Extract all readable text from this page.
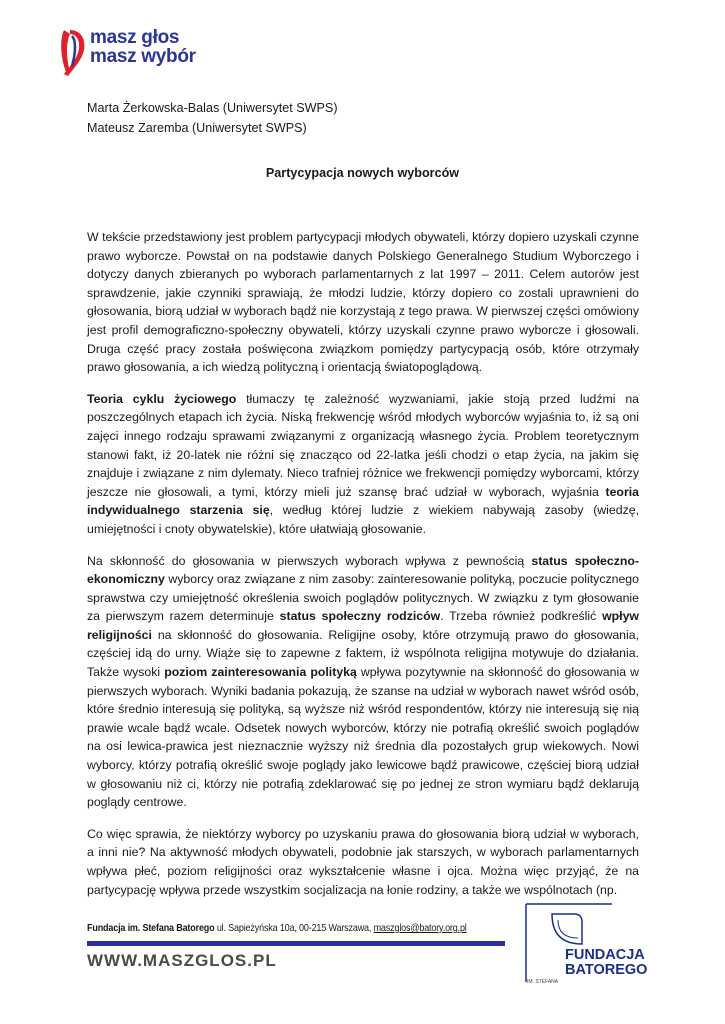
masz głos
masz wybór
Marta Żerkowska-Balas (Uniwersytet SWPS)
Mateusz Zaremba (Uniwersytet SWPS)
Partycypacja nowych wyborców

W tekście przedstawiony jest problem partycypacji młodych obywateli, którzy dopiero uzyskali czynne prawo wyborcze. Powstał on na podstawie danych Polskiego Generalnego Studium Wyborczego i dotyczy danych zbieranych po wyborach parlamentarnych z lat 1997 – 2011. Celem autorów jest sprawdzenie, jakie czynniki sprawiają, że młodzi ludzie, którzy dopiero co zostali uprawnieni do głosowania, biorą udział w wyborach bądź nie korzystają z tego prawa. W pierwszej części omówiony jest profil demograficzno-społeczny obywateli, którzy uzyskali czynne prawo wyborcze i głosowali. Druga część pracy została poświęcona związkom pomiędzy partycypacją osób, które otrzymały prawo głosowania, a ich wiedzą polityczną i orientacją światopoglądową.

Teoria cyklu życiowego tłumaczy tę zależność wyzwaniami, jakie stoją przed ludźmi na poszczególnych etapach ich życia. Niską frekwencję wśród młodych wyborców wyjaśnia to, iż są oni zajęci innego rodzaju sprawami związanymi z organizacją własnego życia. Problem teoretycznym stanowi fakt, iż 20-latek nie różni się znacząco od 22-latka jeśli chodzi o etap życia, na jakim się znajduje i związane z nim dylematy. Nieco trafniej różnice we frekwencji pomiędzy wyborcami, którzy jeszcze nie głosowali, a tymi, którzy mieli już szansę brać udział w wyborach, wyjaśnia teoria indywidualnego starzenia się, według której ludzie z wiekiem nabywają zasoby (wiedzę, umiejętności i cnoty obywatelskie), które ułatwiają głosowanie.

Na skłonność do głosowania w pierwszych wyborach wpływa z pewnością status społeczno-ekonomiczny wyborcy oraz związane z nim zasoby: zainteresowanie polityką, poczucie politycznego sprawstwa czy umiejętność określenia swoich poglądów politycznych. W związku z tym głosowanie za pierwszym razem determinuje status społeczny rodziców. Trzeba również podkreślić wpływ religijności na skłonność do głosowania. Religijne osoby, które otrzymują prawo do głosowania, częściej idą do urny. Wiąże się to zapewne z faktem, iż wspólnota religijna motywuje do działania. Także wysoki poziom zainteresowania polityką wpływa pozytywnie na skłonność do głosowania w pierwszych wyborach. Wyniki badania pokazują, że szanse na udział w wyborach nawet wśród osób, które średnio interesują się polityką, są wyższe niż wśród respondentów, którzy nie interesują się nią prawie wcale bądź wcale. Odsetek nowych wyborców, którzy nie potrafią określić swoich poglądów na osi lewica-prawica jest nieznacznie wyższy niż średnia dla pozostałych grup wiekowych. Nowi wyborcy, którzy potrafią określić swoje poglądy jako lewicowe bądź prawicowe, częściej biorą udział w głosowaniu niż ci, którzy nie potrafią zdeklarować się po jednej ze stron wymiaru bądź deklarują poglądy centrowe.

Co więc sprawia, że niektórzy wyborcy po uzyskaniu prawa do głosowania biorą udział w wyborach, a inni nie? Na aktywność młodych obywateli, podobnie jak starszych, w wyborach parlamentarnych wpływa płeć, poziom religijności oraz wykształcenie własne i ojca. Można więc przyjąć, że na partycypację wpływa przede wszystkim socjalizacja na łonie rodziny, a także we wspólnotach (np.

Fundacja im. Stefana Batorego ul. Sapieżyńska 10a, 00-215 Warszawa, maszglos@batory.org.pl
WWW.MASZGLOS.PL
IM. STEFANA
FUNDACJA
BATOREGO
